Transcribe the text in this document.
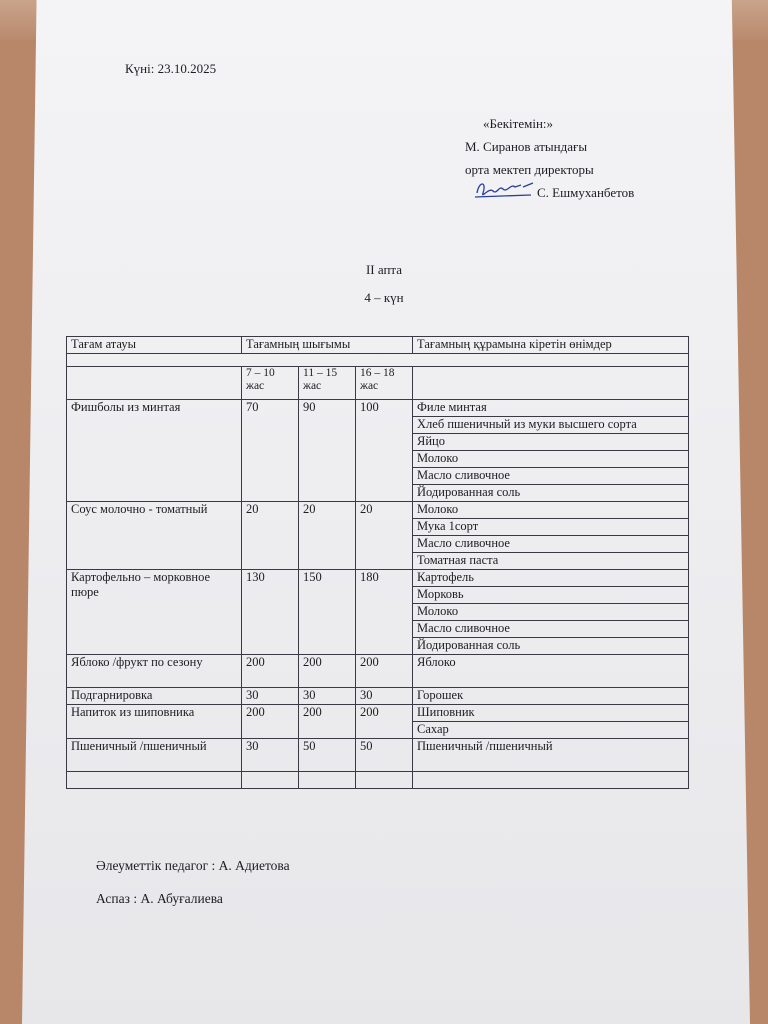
Күні: 23.10.2025
«Бекітемін:»
М. Сиранов атындағы
орта мектеп директоры
С. Ешмуханбетов
II апта
4 – күн
Тағам атауы	Тағамның шығымы			Тағамның құрамына кіретін өнімдер

	7 – 10 жас	11 – 15 жас	16 – 18 жас	
Фишболы из минтая	70	90	100	Филе минтая
				Хлеб пшеничный из муки высшего сорта
				Яйцо
				Молоко
				Масло сливочное
				Йодированная соль
Соус молочно - томатный	20	20	20	Молоко
				Мука 1сорт
				Масло сливочное
				Томатная паста
Картофельно – морковное пюре	130	150	180	Картофель
				Морковь
				Молоко
				Масло сливочное
				Йодированная соль
Яблоко /фрукт по сезону	200	200	200	Яблоко
Подгарнировка	30	30	30	Горошек
Напиток из шиповника	200	200	200	Шиповник
				Сахар
Пшеничный /пшеничный	30	50	50	Пшеничный /пшеничный

Әлеуметтік педагог : А. Адиетова
Аспаз : А. Абуғалиева
